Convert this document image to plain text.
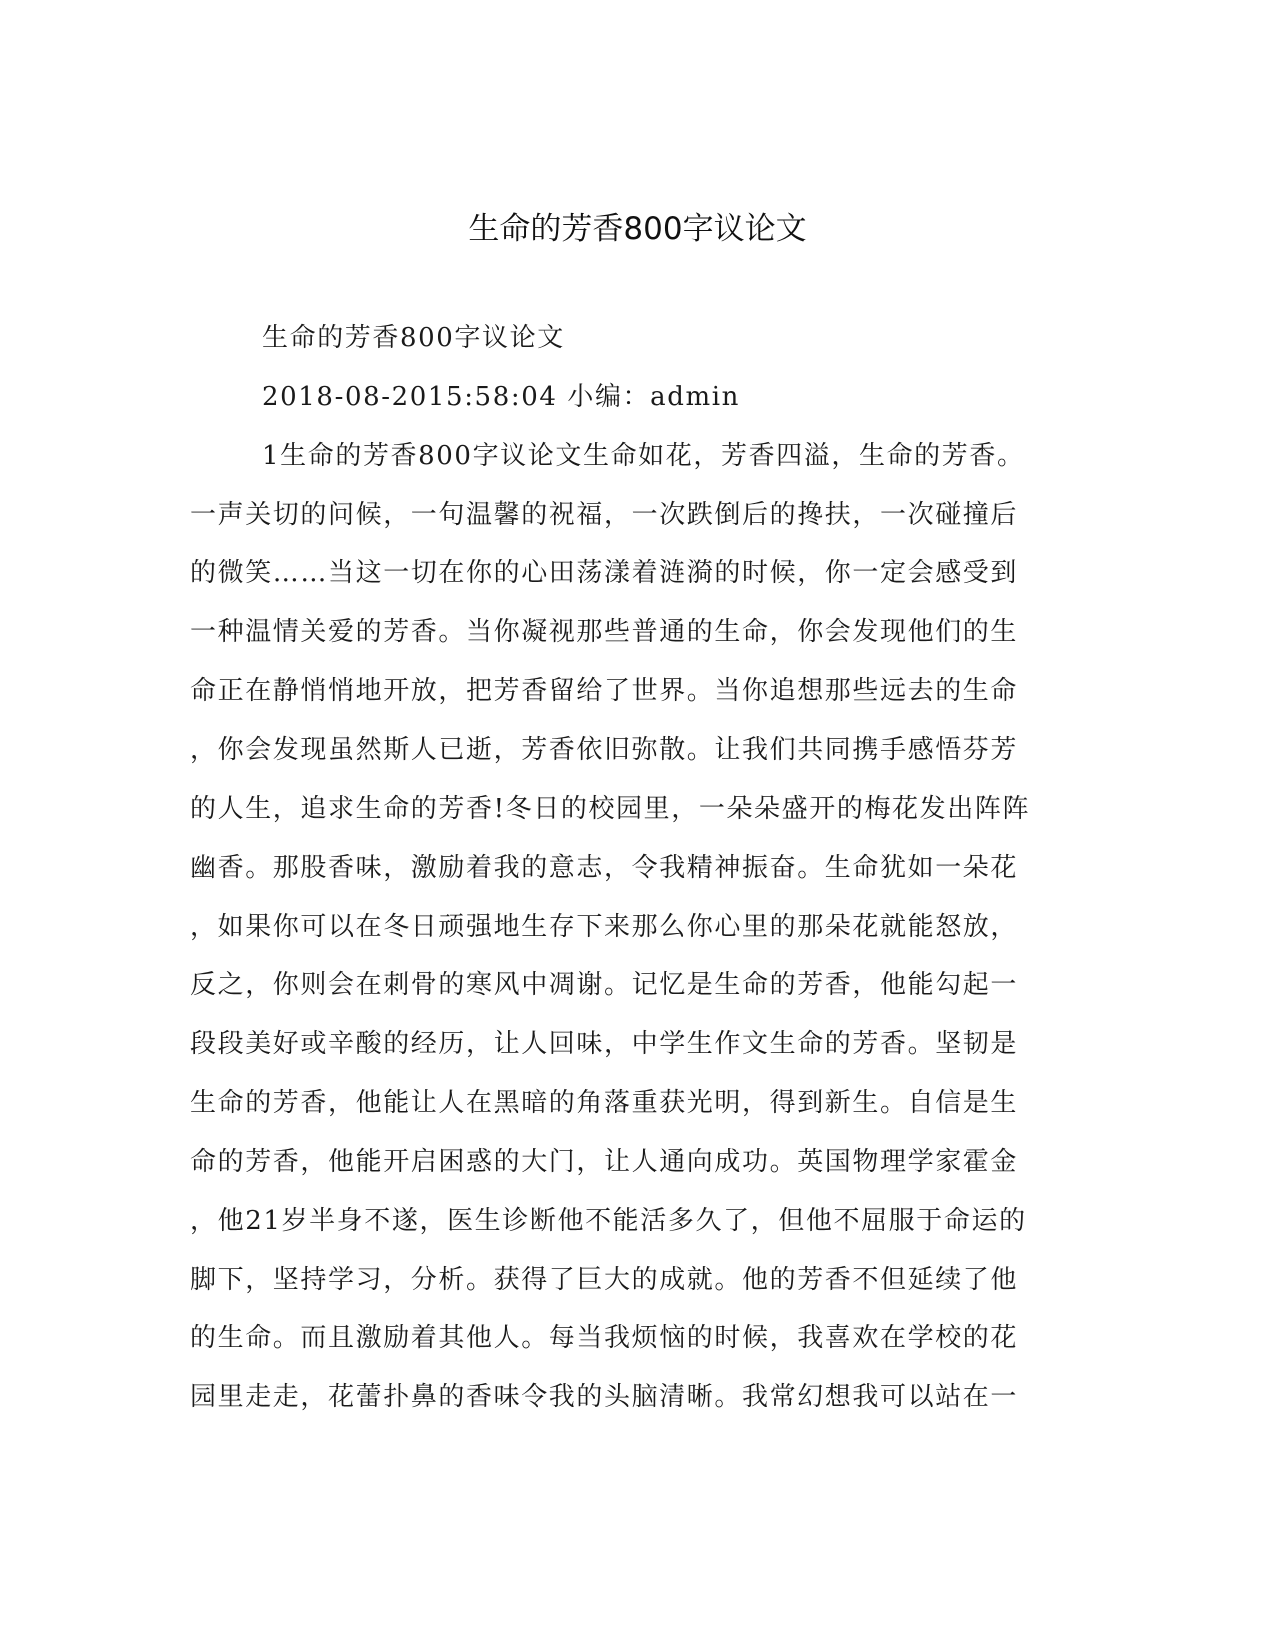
生命的芳香800字议论文

生命的芳香800字议论文

2018-08-2015:58:04 小编：admin

1生命的芳香800字议论文生命如花，芳香四溢，生命的芳香。

一声关切的问候，一句温馨的祝福，一次跌倒后的搀扶，一次碰撞后

的微笑……当这一切在你的心田荡漾着涟漪的时候，你一定会感受到

一种温情关爱的芳香。当你凝视那些普通的生命，你会发现他们的生

命正在静悄悄地开放，把芳香留给了世界。当你追想那些远去的生命

，你会发现虽然斯人已逝，芳香依旧弥散。让我们共同携手感悟芬芳

的人生，追求生命的芳香!冬日的校园里，一朵朵盛开的梅花发出阵阵

幽香。那股香味，激励着我的意志，令我精神振奋。生命犹如一朵花

，如果你可以在冬日顽强地生存下来那么你心里的那朵花就能怒放，

反之，你则会在刺骨的寒风中凋谢。记忆是生命的芳香，他能勾起一

段段美好或辛酸的经历，让人回味，中学生作文生命的芳香。坚韧是

生命的芳香，他能让人在黑暗的角落重获光明，得到新生。自信是生

命的芳香，他能开启困惑的大门，让人通向成功。英国物理学家霍金

，他21岁半身不遂，医生诊断他不能活多久了，但他不屈服于命运的

脚下，坚持学习，分析。获得了巨大的成就。他的芳香不但延续了他

的生命。而且激励着其他人。每当我烦恼的时候，我喜欢在学校的花

园里走走，花蕾扑鼻的香味令我的头脑清晰。我常幻想我可以站在一
